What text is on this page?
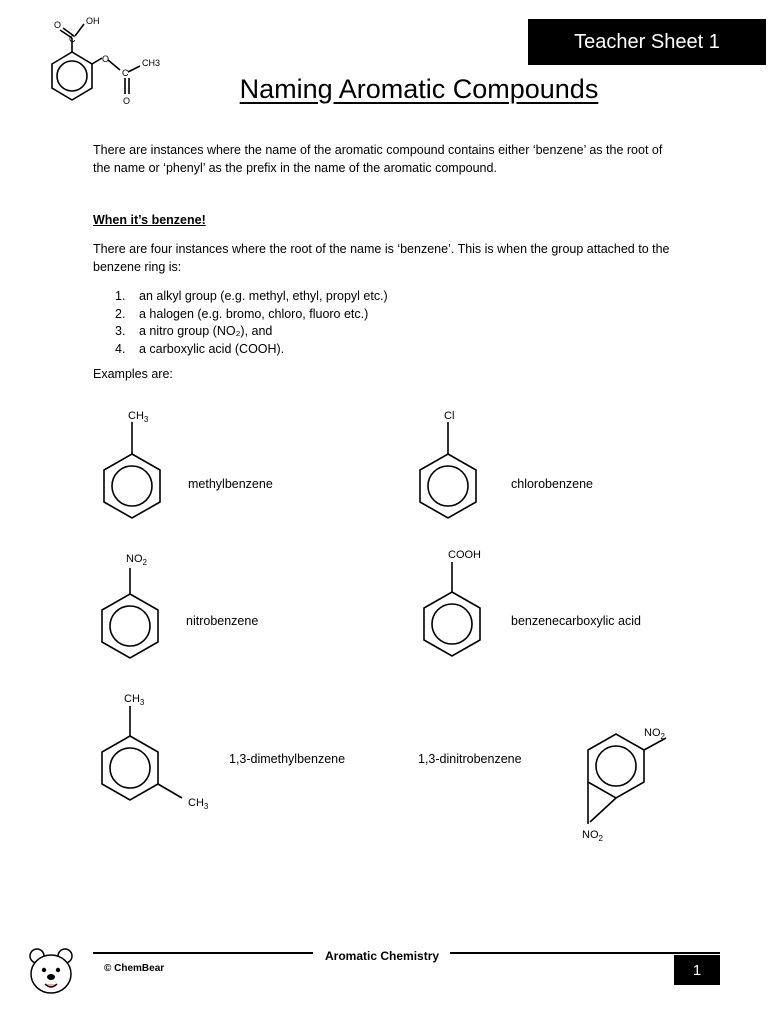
O	OH
C
O
C
CH3
O
Teacher Sheet 1
Naming Aromatic Compounds
There are instances where the name of the aromatic compound contains either ‘benzene’ as the root of the name or ‘phenyl’ as the prefix in the name of the aromatic compound.
When it’s benzene!
There are four instances where the root of the name is ‘benzene’. This is when the group attached to the benzene ring is:
1.	an alkyl group (e.g. methyl, ethyl, propyl etc.)
2.	a halogen (e.g. bromo, chloro, fluoro etc.)
3.	a nitro group (NO₂), and
4.	a carboxylic acid (COOH).
Examples are:
$CH_3$
methylbenzene
Cl
chlorobenzene
$NO_2$
nitrobenzene
COOH
benzenecarboxylic acid
$CH_3$
$CH_3$
1,3-dimethylbenzene	1,3-dinitrobenzene
$NO_2$
$NO_2$
Aromatic Chemistry
© ChemBear	1
